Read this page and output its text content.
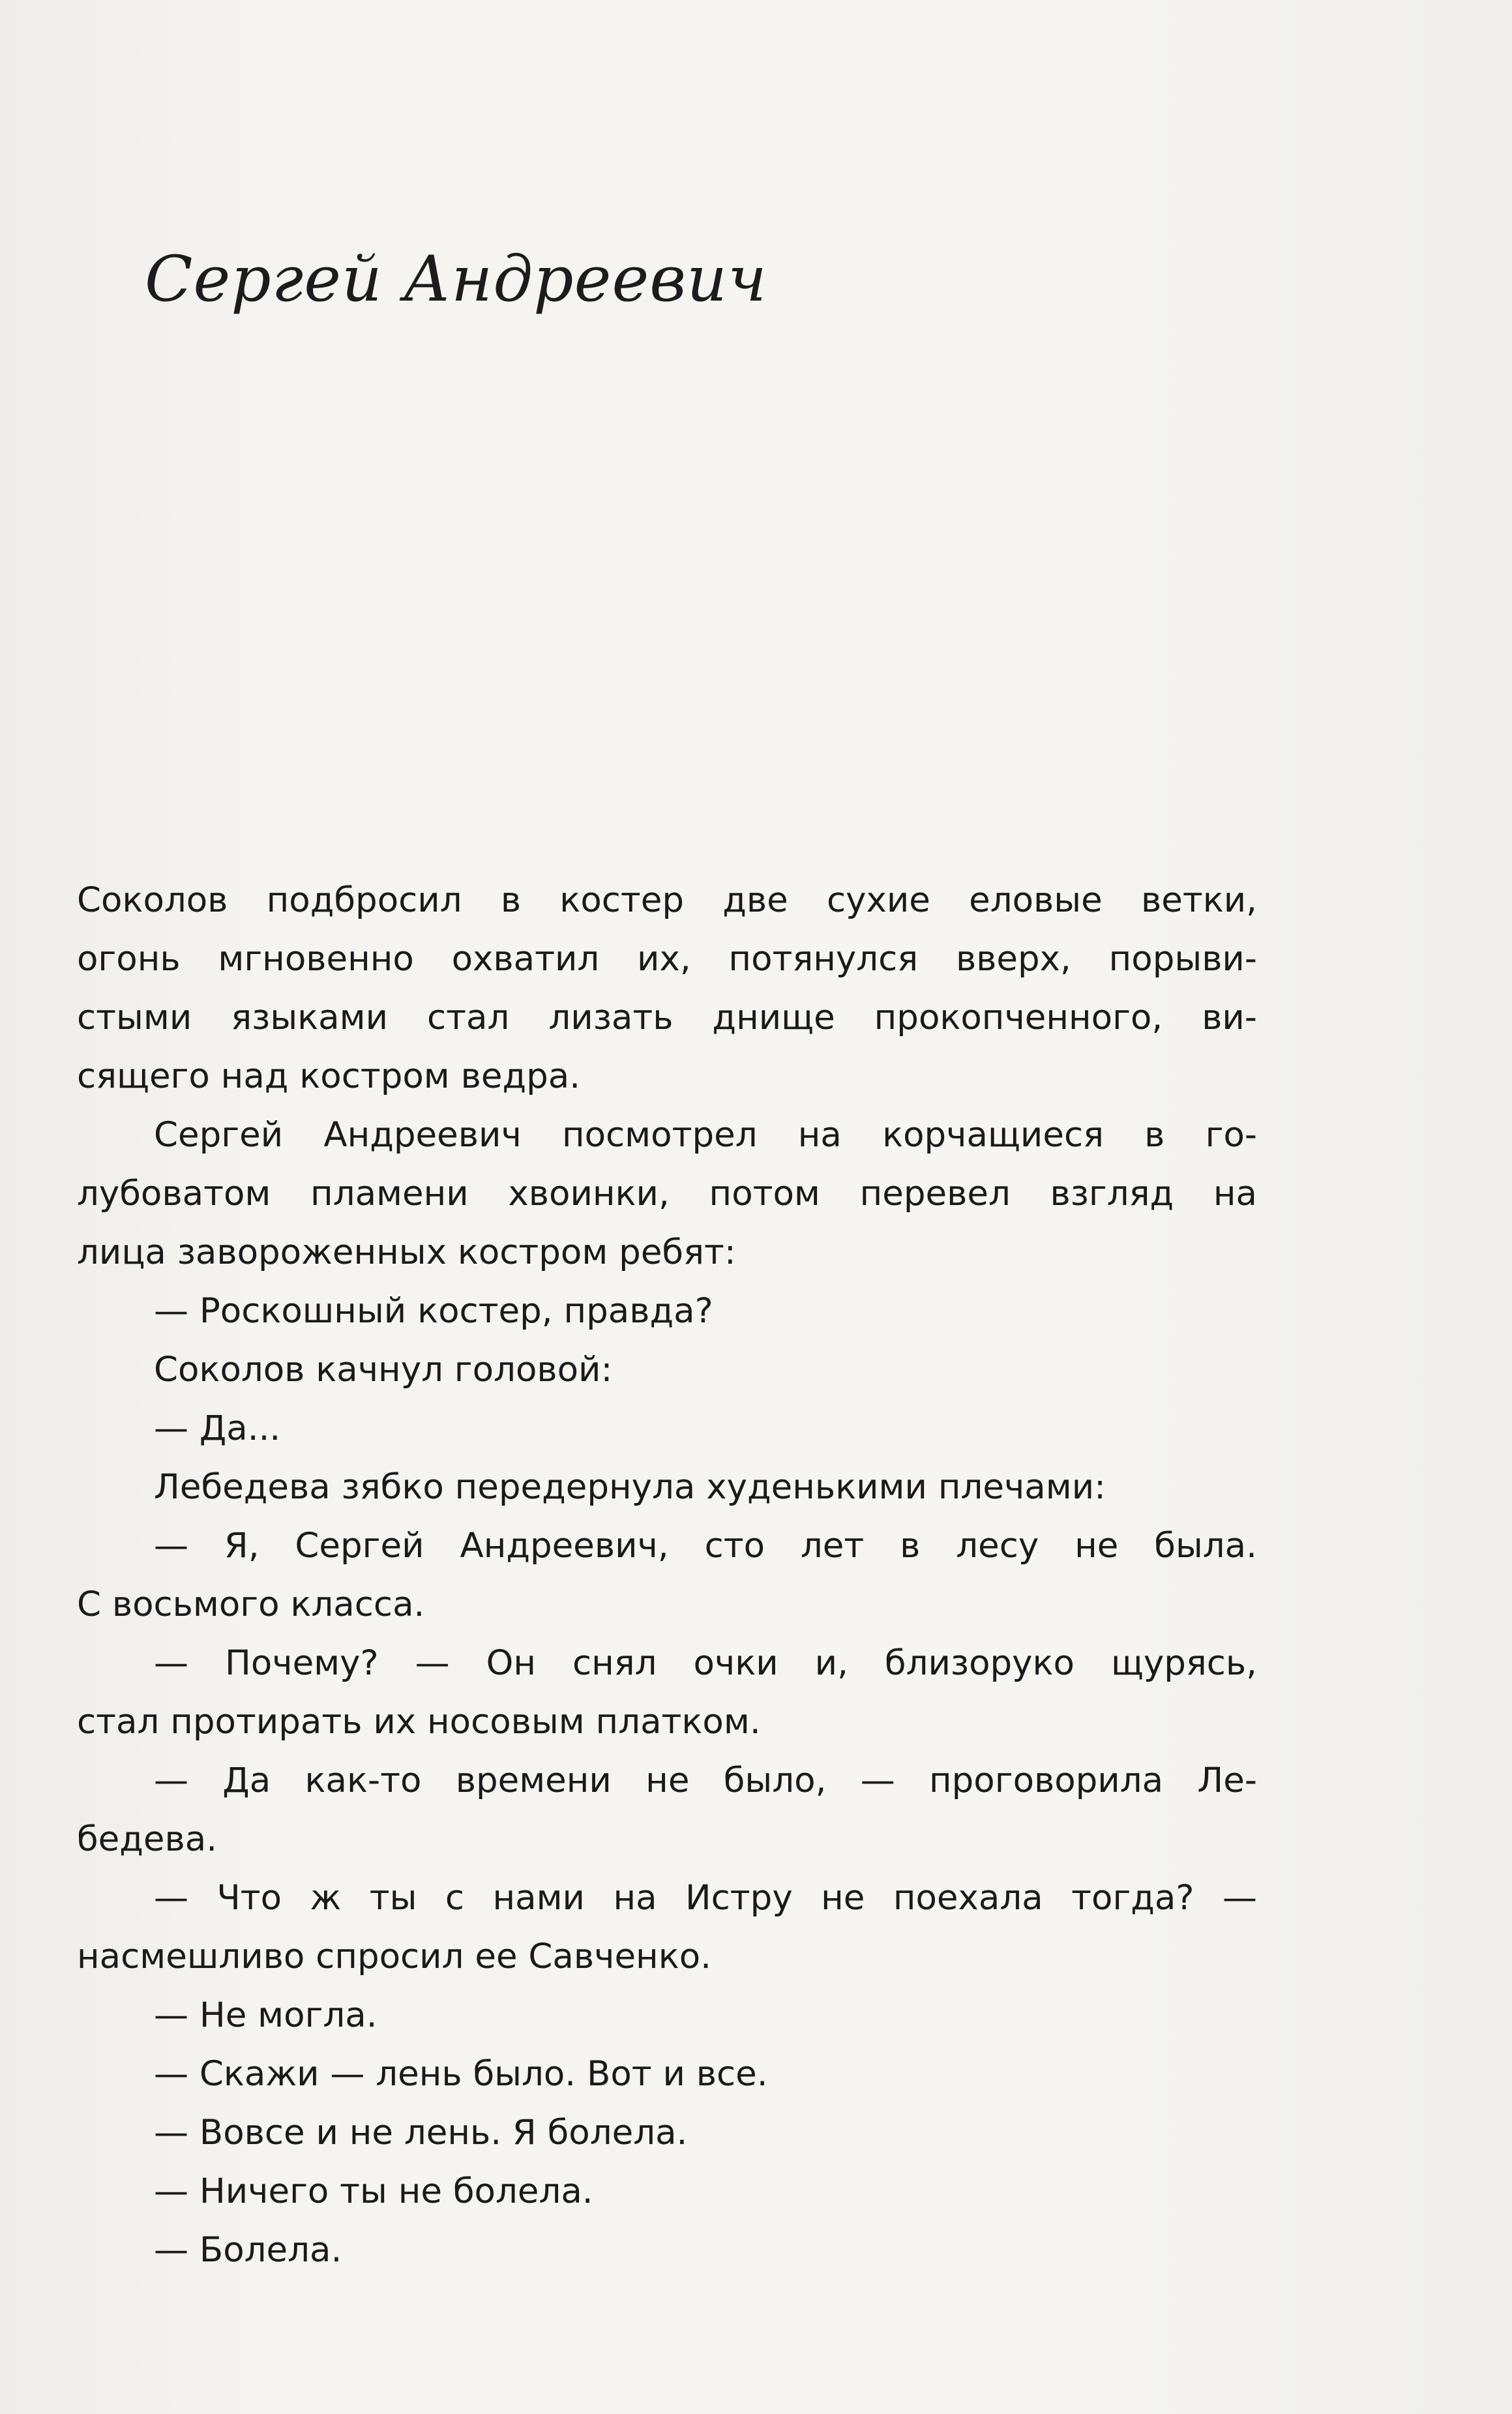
Сергей Андреевич
Соколов подбросил в костер две сухие еловые ветки,
огонь мгновенно охватил их, потянулся вверх, порыви-
стыми языками стал лизать днище прокопченного, ви-
сящего над костром ведра.
Сергей Андреевич посмотрел на корчащиеся в го-
лубоватом пламени хвоинки, потом перевел взгляд на
лица завороженных костром ребят:
— Роскошный костер, правда?
Соколов качнул головой:
— Да...
Лебедева зябко передернула худенькими плечами:
— Я, Сергей Андреевич, сто лет в лесу не была.
С восьмого класса.
— Почему? — Он снял очки и, близоруко щурясь,
стал протирать их носовым платком.
— Да как-то времени не было, — проговорила Ле-
бедева.
— Что ж ты с нами на Истру не поехала тогда? —
насмешливо спросил ее Савченко.
— Не могла.
— Скажи — лень было. Вот и все.
— Вовсе и не лень. Я болела.
— Ничего ты не болела.
— Болела.
